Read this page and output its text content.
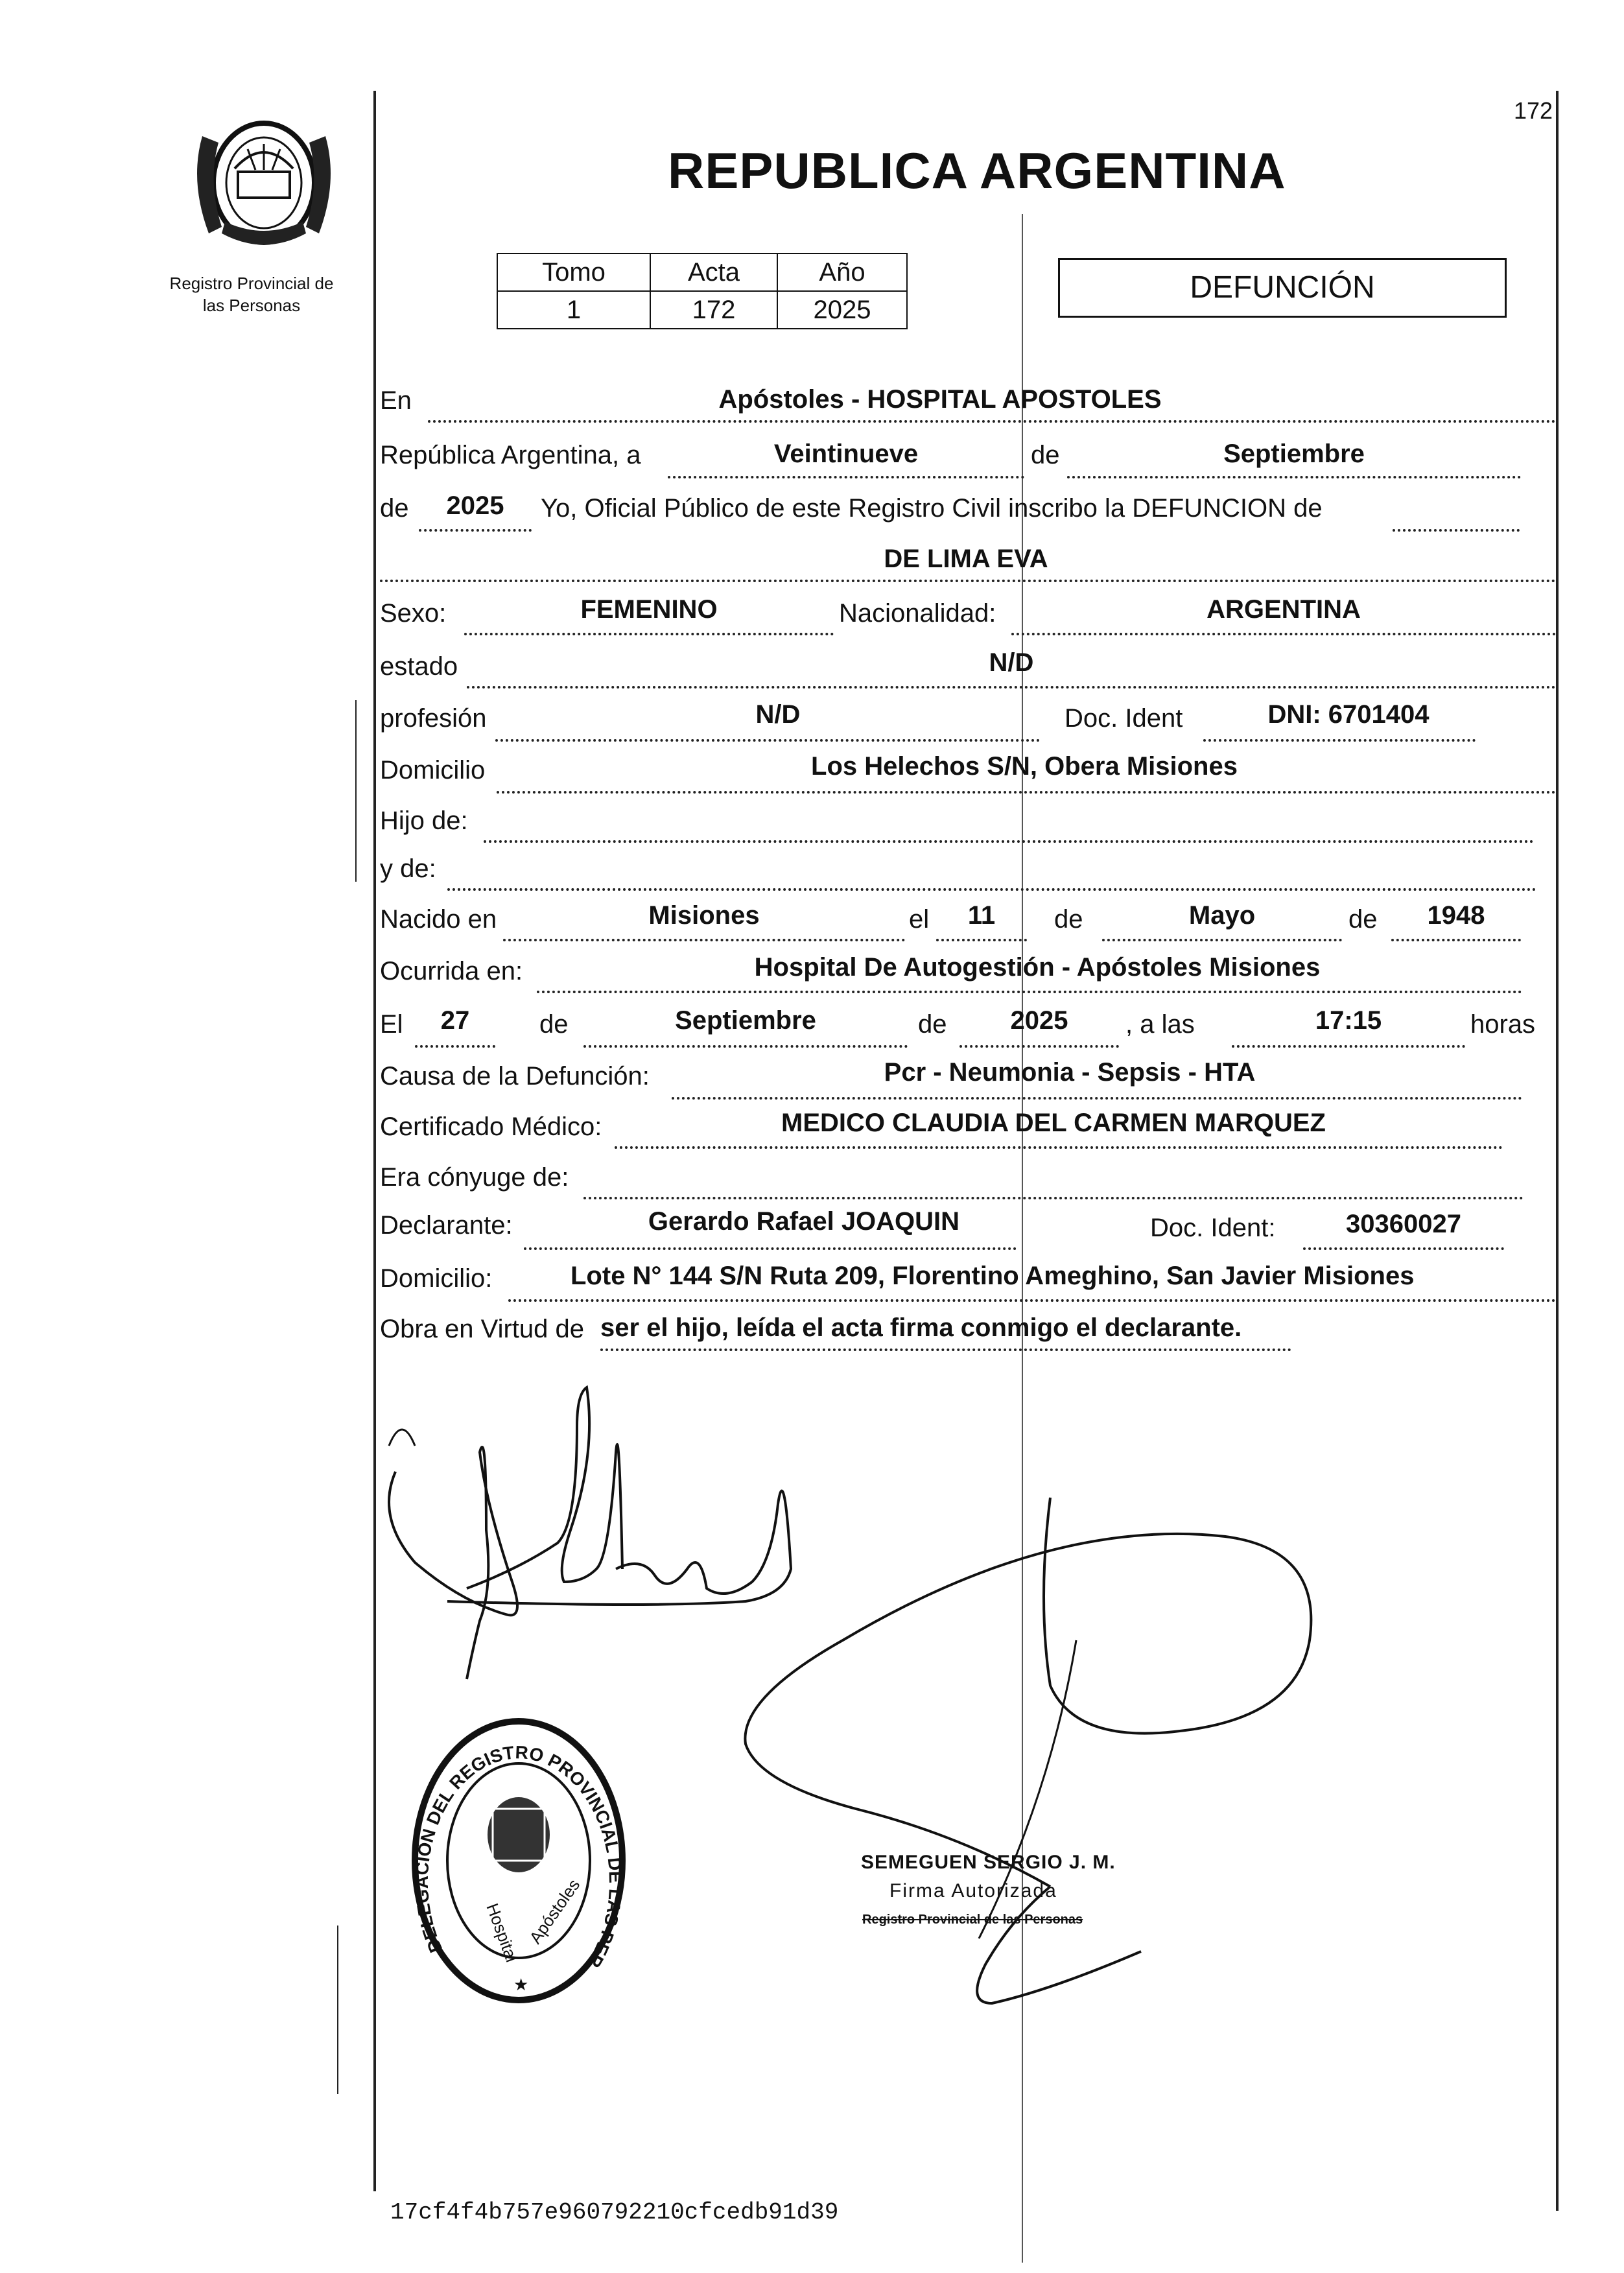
172
Registro Provincial de
las Personas
REPUBLICA ARGENTINA
Tomo	Acta	Año
1	172	2025
DEFUNCIÓN
En	Apóstoles - HOSPITAL APOSTOLES
República Argentina, a	Veintinueve	de	Septiembre
de	2025	Yo, Oficial Público de este Registro Civil inscribo la DEFUNCION de
DE LIMA EVA
Sexo:	FEMENINO	Nacionalidad:	ARGENTINA
estado	N/D
profesión	N/D	Doc. Ident	DNI: 6701404
Domicilio	Los Helechos S/N, Obera Misiones
Hijo de:
y de:
Nacido en	Misiones	el	11	de	Mayo	de	1948
Ocurrida en:	Hospital De Autogestión - Apóstoles Misiones
El	27	de	Septiembre	de	2025	, a las	17:15	horas
Causa de la Defunción:	Pcr - Neumonia - Sepsis - HTA
Certificado Médico:	MEDICO CLAUDIA DEL CARMEN MARQUEZ
Era cónyuge de:
Declarante:	Gerardo Rafael JOAQUIN	Doc. Ident:	30360027
Domicilio:	Lote N° 144 S/N Ruta 209, Florentino Ameghino, San Javier Misiones
Obra en Virtud de ser el hijo, leída el acta firma conmigo el declarante.
DELEGACION DEL REGISTRO PROVINCIAL DE LAS PER
Hospital Apóstoles
★
SEMEGUEN SERGIO J. M.
Firma Autorizada
Registro Provincial de las Personas
17cf4f4b757e960792210cfcedb91d39
